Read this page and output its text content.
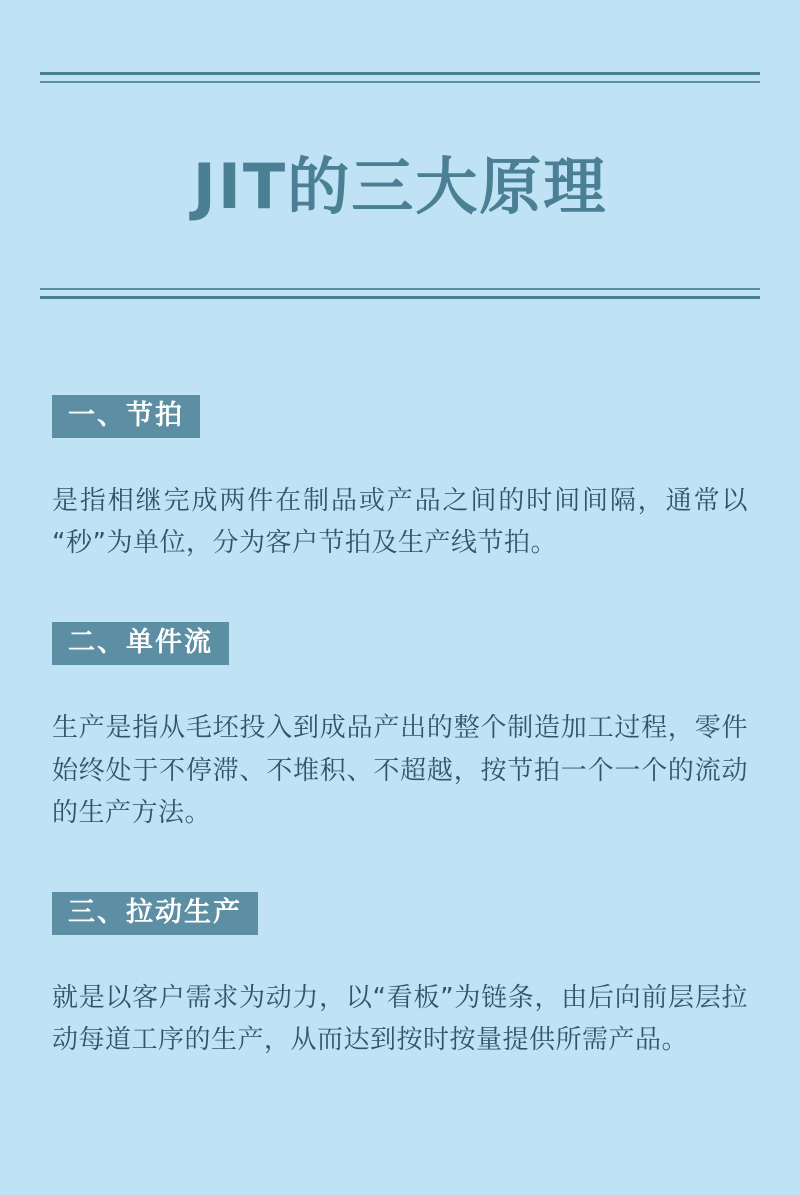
JIT的三大原理
一、节拍

是指相继完成两件在制品或产品之间的时间间隔，通常以“秒”为单位，分为客户节拍及生产线节拍。

二、单件流

生产是指从毛坯投入到成品产出的整个制造加工过程，零件始终处于不停滞、不堆积、不超越，按节拍一个一个的流动的生产方法。

三、拉动生产

就是以客户需求为动力，以“看板”为链条，由后向前层层拉动每道工序的生产，从而达到按时按量提供所需产品。
